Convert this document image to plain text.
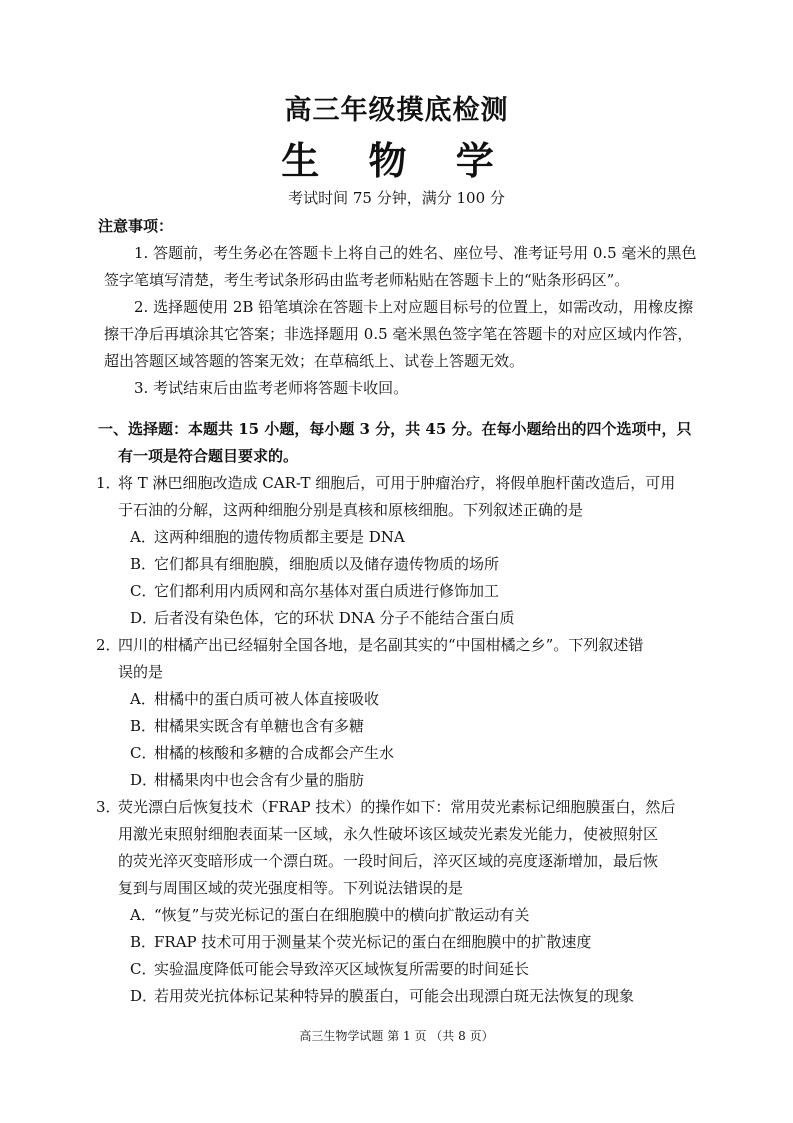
高三年级摸底检测
生 物 学
考试时间 75 分钟，满分 100 分
注意事项：
1. 答题前，考生务必在答题卡上将自己的姓名、座位号、准考证号用 0.5 毫米的黑色
签字笔填写清楚，考生考试条形码由监考老师粘贴在答题卡上的“贴条形码区”。
2. 选择题使用 2B 铅笔填涂在答题卡上对应题目标号的位置上，如需改动，用橡皮擦
擦干净后再填涂其它答案；非选择题用 0.5 毫米黑色签字笔在答题卡的对应区域内作答，
超出答题区域答题的答案无效；在草稿纸上、试卷上答题无效。
3. 考试结束后由监考老师将答题卡收回。
一、选择题：本题共 15 小题，每小题 3 分，共 45 分。在每小题给出的四个选项中，只
有一项是符合题目要求的。
1．将 T 淋巴细胞改造成 CAR-T 细胞后，可用于肿瘤治疗，将假单胞杆菌改造后，可用
于石油的分解，这两种细胞分别是真核和原核细胞。下列叙述正确的是
A．这两种细胞的遗传物质都主要是 DNA
B．它们都具有细胞膜，细胞质以及储存遗传物质的场所
C．它们都利用内质网和高尔基体对蛋白质进行修饰加工
D．后者没有染色体，它的环状 DNA 分子不能结合蛋白质
2．四川的柑橘产出已经辐射全国各地，是名副其实的“中国柑橘之乡”。下列叙述错
误的是
A．柑橘中的蛋白质可被人体直接吸收
B．柑橘果实既含有单糖也含有多糖
C．柑橘的核酸和多糖的合成都会产生水
D．柑橘果肉中也会含有少量的脂肪
3．荧光漂白后恢复技术（FRAP 技术）的操作如下：常用荧光素标记细胞膜蛋白，然后
用激光束照射细胞表面某一区域，永久性破坏该区域荧光素发光能力，使被照射区
的荧光淬灭变暗形成一个漂白斑。一段时间后，淬灭区域的亮度逐渐增加，最后恢
复到与周围区域的荧光强度相等。下列说法错误的是
A．“恢复”与荧光标记的蛋白在细胞膜中的横向扩散运动有关
B．FRAP 技术可用于测量某个荧光标记的蛋白在细胞膜中的扩散速度
C．实验温度降低可能会导致淬灭区域恢复所需要的时间延长
D．若用荧光抗体标记某种特异的膜蛋白，可能会出现漂白斑无法恢复的现象
高三生物学试题 第 1 页 （共 8 页）
